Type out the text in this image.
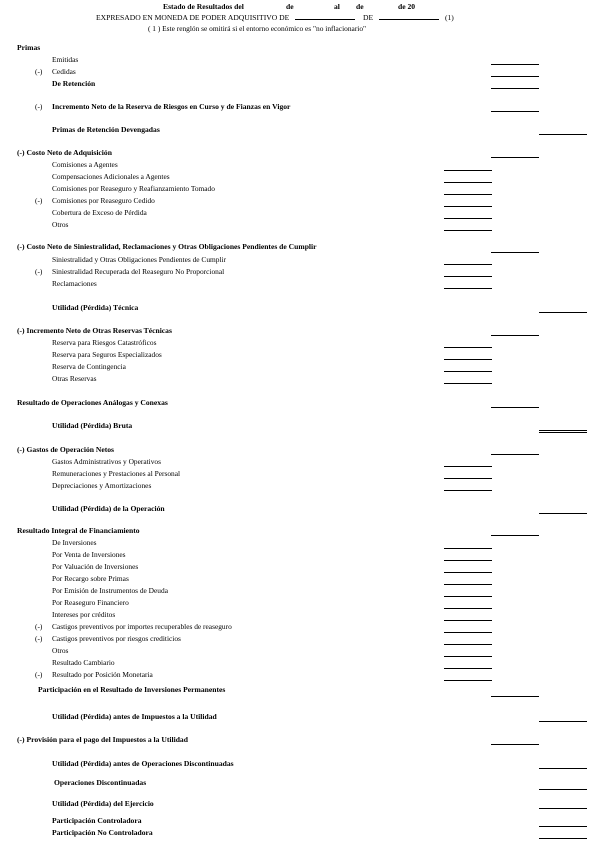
Estado de Resultados del	de	al de	de 20
EXPRESADO EN MONEDA DE PODER ADQUISITIVO DE	DE	(1)
( 1 ) Este renglón se omitirá si el entorno económico es "no inflacionario"
Primas
Emitidas
(-) Cedidas
De Retención
(-) Incremento Neto de la Reserva de Riesgos en Curso y de Fianzas en Vigor
Primas de Retención Devengadas
(-) Costo Neto de Adquisición
Comisiones a Agentes
Compensaciones Adicionales a Agentes
Comisiones por Reaseguro y Reafianzamiento Tomado
(-) Comisiones por Reaseguro Cedido
Cobertura de Exceso de Pérdida
Otros
(-) Costo Neto de Siniestralidad, Reclamaciones y Otras Obligaciones Pendientes de Cumplir
Siniestralidad y Otras Obligaciones Pendientes de Cumplir
(-) Siniestralidad Recuperada del Reaseguro No Proporcional
Reclamaciones
Utilidad (Pérdida) Técnica
(-) Incremento Neto de Otras Reservas Técnicas
Reserva para Riesgos Catastróficos
Reserva para Seguros Especializados
Reserva de Contingencia
Otras Reservas
Resultado de Operaciones Análogas y Conexas
Utilidad (Pérdida) Bruta
(-) Gastos de Operación Netos
Gastos Administrativos y Operativos
Remuneraciones y Prestaciones al Personal
Depreciaciones y Amortizaciones
Utilidad (Pérdida) de la Operación
Resultado Integral de Financiamiento
De Inversiones
Por Venta de Inversiones
Por Valuación de Inversiones
Por Recargo sobre Primas
Por Emisión de Instrumentos de Deuda
Por Reaseguro Financiero
Intereses por créditos
(-) Castigos preventivos por importes recuperables de reaseguro
(-) Castigos preventivos por riesgos crediticios
Otros
Resultado Cambiario
(-) Resultado por Posición Monetaria
Participación en el Resultado de Inversiones Permanentes
Utilidad (Pérdida) antes de Impuestos a la Utilidad
(-) Provisión para el pago del Impuestos a la Utilidad
Utilidad (Pérdida) antes de Operaciones Discontinuadas
Operaciones Discontinuadas
Utilidad (Pérdida) del Ejercicio
Participación Controladora
Participación No Controladora
